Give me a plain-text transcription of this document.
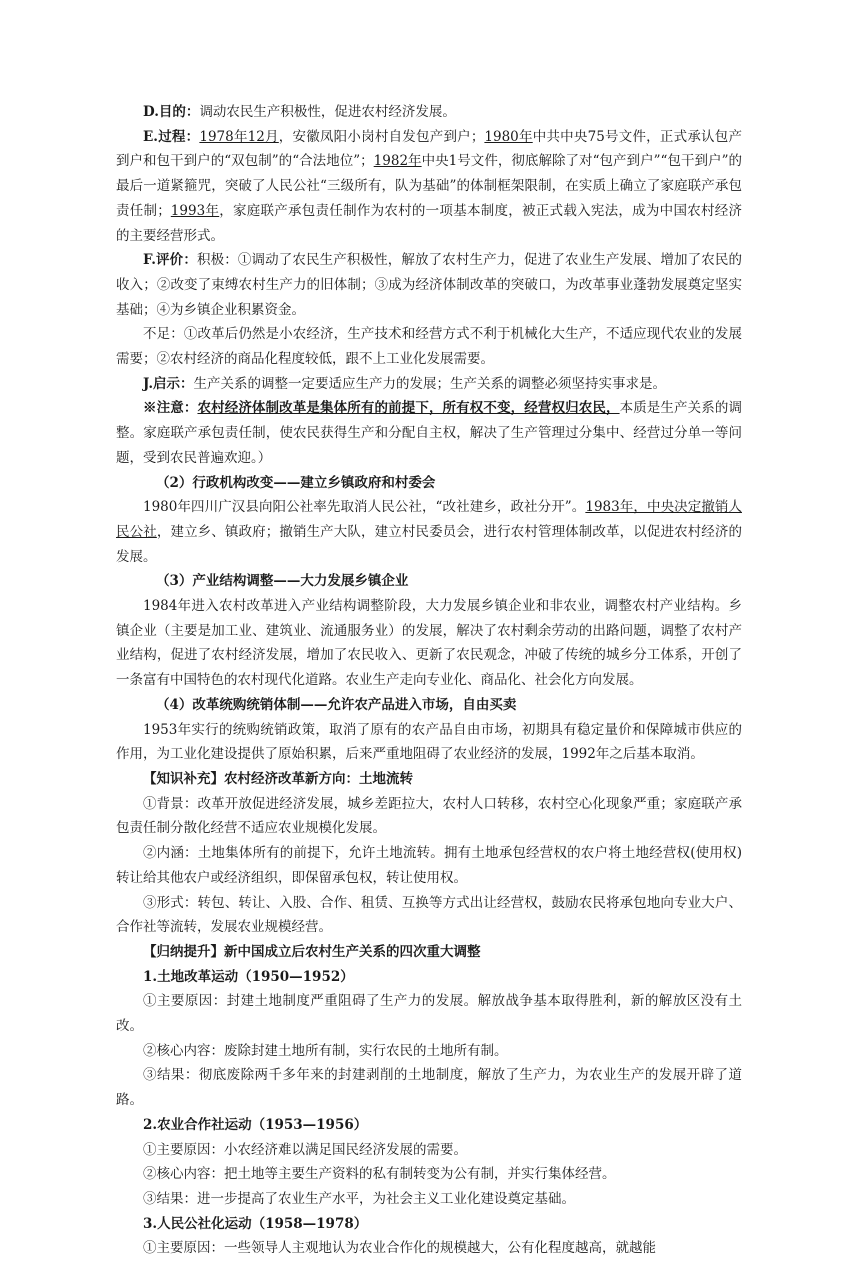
D.目的：调动农民生产积极性，促进农村经济发展。

E.过程：1978年12月，安徽凤阳小岗村自发包产到户；1980年中共中央75号文件，正式承认包产到户和包干到户的“双包制”的“合法地位”；1982年中央1号文件，彻底解除了对“包产到户”“包干到户”的最后一道紧箍咒，突破了人民公社“三级所有，队为基础”的体制框架限制，在实质上确立了家庭联产承包责任制；1993年，家庭联产承包责任制作为农村的一项基本制度，被正式载入宪法，成为中国农村经济的主要经营形式。

F.评价：积极：①调动了农民生产积极性，解放了农村生产力，促进了农业生产发展、增加了农民的收入；②改变了束缚农村生产力的旧体制；③成为经济体制改革的突破口，为改革事业蓬勃发展奠定坚实基础；④为乡镇企业积累资金。

不足：①改革后仍然是小农经济，生产技术和经营方式不利于机械化大生产，不适应现代农业的发展需要；②农村经济的商品化程度较低，跟不上工业化发展需要。

J.启示：生产关系的调整一定要适应生产力的发展；生产关系的调整必须坚持实事求是。

※注意：农村经济体制改革是集体所有的前提下，所有权不变，经营权归农民，本质是生产关系的调整。家庭联产承包责任制，使农民获得生产和分配自主权，解决了生产管理过分集中、经营过分单一等问题，受到农民普遍欢迎。）

（2）行政机构改变——建立乡镇政府和村委会

1980年四川广汉县向阳公社率先取消人民公社，“改社建乡，政社分开”。1983年，中央决定撤销人民公社，建立乡、镇政府；撤销生产大队，建立村民委员会，进行农村管理体制改革，以促进农村经济的发展。

（3）产业结构调整——大力发展乡镇企业

1984年进入农村改革进入产业结构调整阶段，大力发展乡镇企业和非农业，调整农村产业结构。乡镇企业（主要是加工业、建筑业、流通服务业）的发展，解决了农村剩余劳动的出路问题，调整了农村产业结构，促进了农村经济发展，增加了农民收入、更新了农民观念，冲破了传统的城乡分工体系，开创了一条富有中国特色的农村现代化道路。农业生产走向专业化、商品化、社会化方向发展。

（4）改革统购统销体制——允许农产品进入市场，自由买卖

1953年实行的统购统销政策，取消了原有的农产品自由市场，初期具有稳定量价和保障城市供应的作用，为工业化建设提供了原始积累，后来严重地阻碍了农业经济的发展，1992年之后基本取消。

【知识补充】农村经济改革新方向：土地流转

①背景：改革开放促进经济发展，城乡差距拉大，农村人口转移，农村空心化现象严重；家庭联产承包责任制分散化经营不适应农业规模化发展。

②内涵：土地集体所有的前提下，允许土地流转。拥有土地承包经营权的农户将土地经营权(使用权)转让给其他农户或经济组织，即保留承包权，转让使用权。

③形式：转包、转让、入股、合作、租赁、互换等方式出让经营权，鼓励农民将承包地向专业大户、合作社等流转，发展农业规模经营。

【归纳提升】新中国成立后农村生产关系的四次重大调整

1.土地改革运动（1950—1952）

①主要原因：封建土地制度严重阻碍了生产力的发展。解放战争基本取得胜利，新的解放区没有土改。

②核心内容：废除封建土地所有制，实行农民的土地所有制。

③结果：彻底废除两千多年来的封建剥削的土地制度，解放了生产力，为农业生产的发展开辟了道路。

2.农业合作社运动（1953—1956）

①主要原因：小农经济难以满足国民经济发展的需要。

②核心内容：把土地等主要生产资料的私有制转变为公有制，并实行集体经营。

③结果：进一步提高了农业生产水平，为社会主义工业化建设奠定基础。

3.人民公社化运动（1958—1978）

①主要原因：一些领导人主观地认为农业合作化的规模越大，公有化程度越高，就越能
